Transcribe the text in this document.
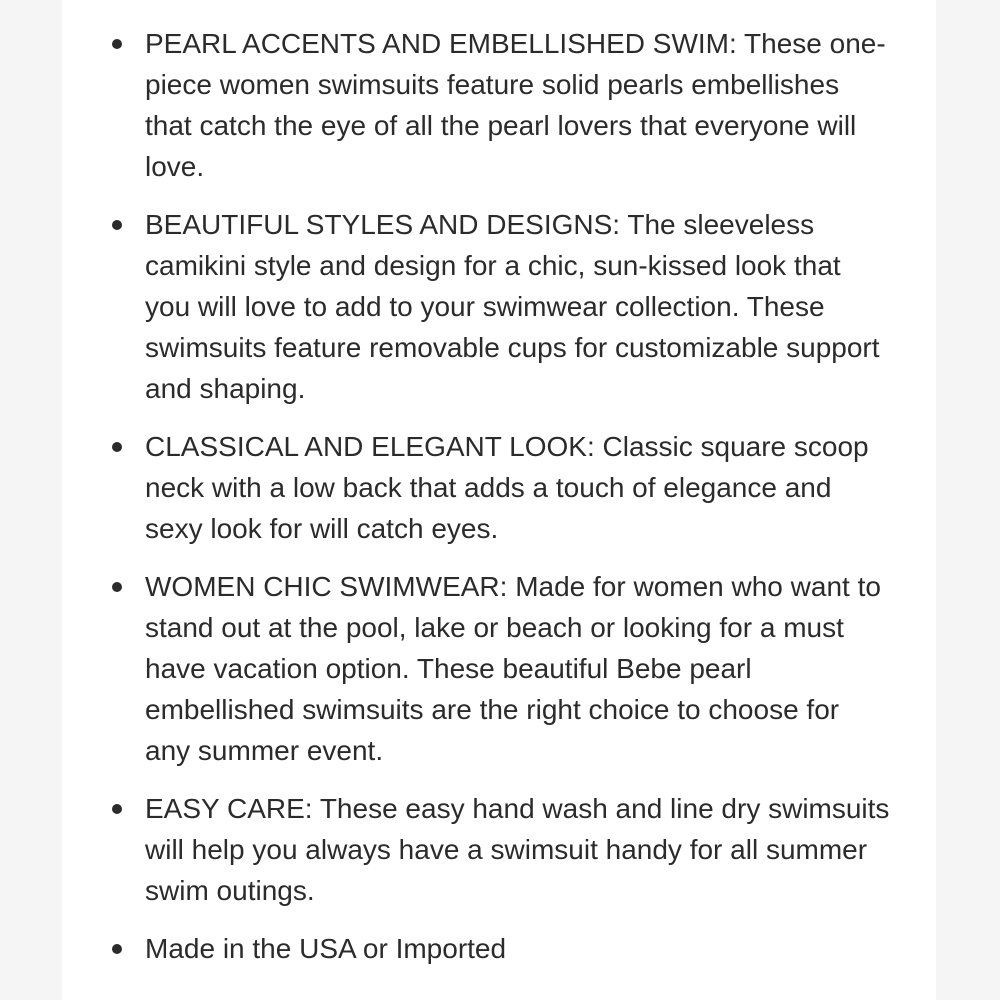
PEARL ACCENTS AND EMBELLISHED SWIM: These one-piece women swimsuits feature solid pearls embellishes that catch the eye of all the pearl lovers that everyone will love.
BEAUTIFUL STYLES AND DESIGNS: The sleeveless camikini style and design for a chic, sun-kissed look that you will love to add to your swimwear collection. These swimsuits feature removable cups for customizable support and shaping.
CLASSICAL AND ELEGANT LOOK: Classic square scoop neck with a low back that adds a touch of elegance and sexy look for will catch eyes.
WOMEN CHIC SWIMWEAR: Made for women who want to stand out at the pool, lake or beach or looking for a must have vacation option. These beautiful Bebe pearl embellished swimsuits are the right choice to choose for any summer event.
EASY CARE: These easy hand wash and line dry swimsuits will help you always have a swimsuit handy for all summer swim outings.
Made in the USA or Imported
